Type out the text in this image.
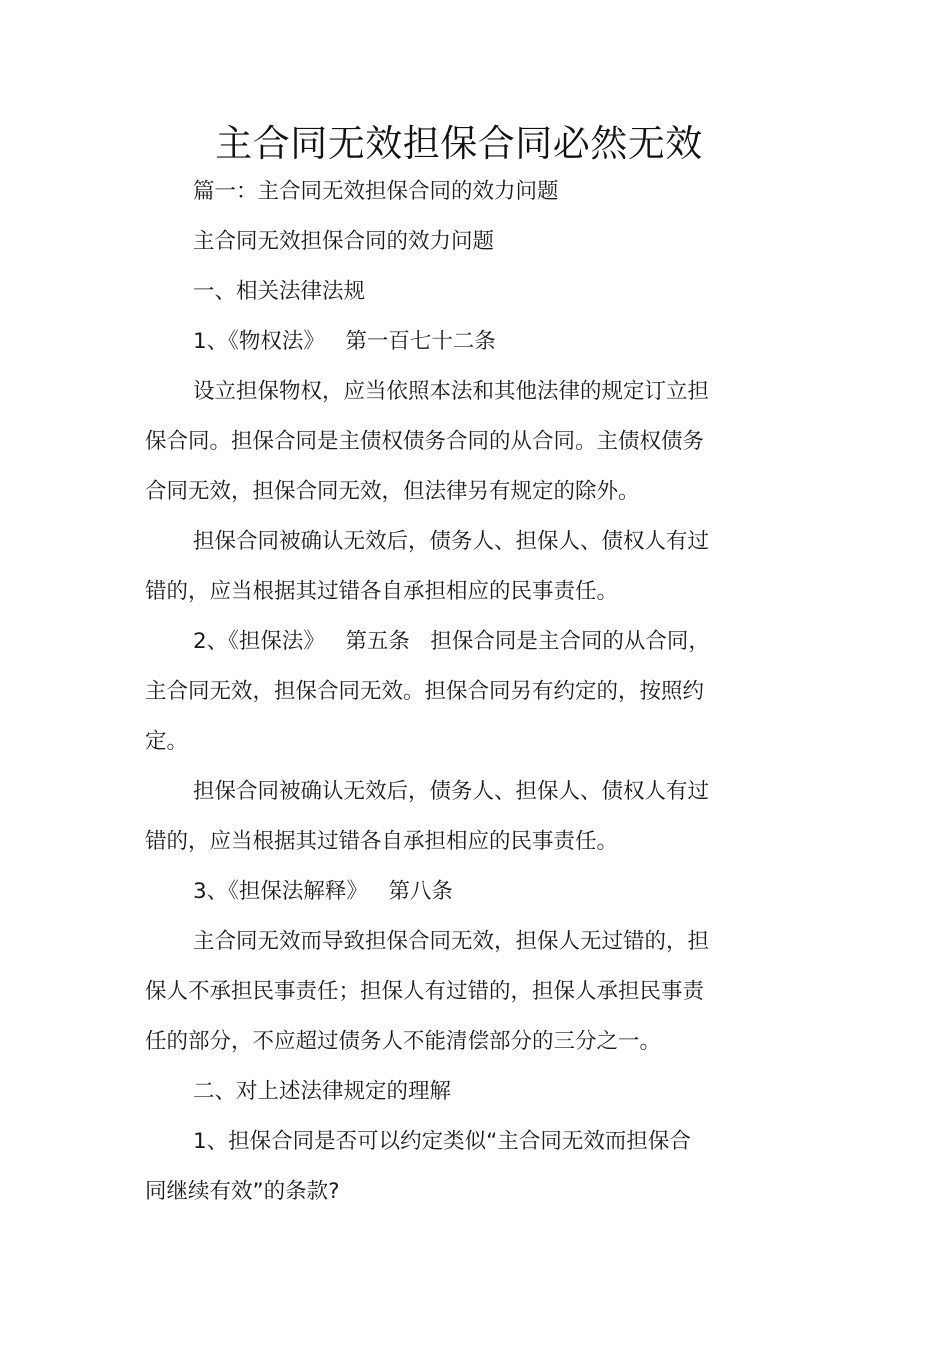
主合同无效担保合同必然无效
篇一：主合同无效担保合同的效力问题
主合同无效担保合同的效力问题
一、相关法律法规
1、《物权法》   第一百七十二条
设立担保物权，应当依照本法和其他法律的规定订立担
保合同。担保合同是主债权债务合同的从合同。主债权债务
合同无效，担保合同无效，但法律另有规定的除外。
担保合同被确认无效后，债务人、担保人、债权人有过
错的，应当根据其过错各自承担相应的民事责任。
2、《担保法》   第五条   担保合同是主合同的从合同，
主合同无效，担保合同无效。担保合同另有约定的，按照约
定。
担保合同被确认无效后，债务人、担保人、债权人有过
错的，应当根据其过错各自承担相应的民事责任。
3、《担保法解释》   第八条
主合同无效而导致担保合同无效，担保人无过错的，担
保人不承担民事责任；担保人有过错的，担保人承担民事责
任的部分，不应超过债务人不能清偿部分的三分之一。
二、对上述法律规定的理解
1、担保合同是否可以约定类似“主合同无效而担保合
同继续有效”的条款?
